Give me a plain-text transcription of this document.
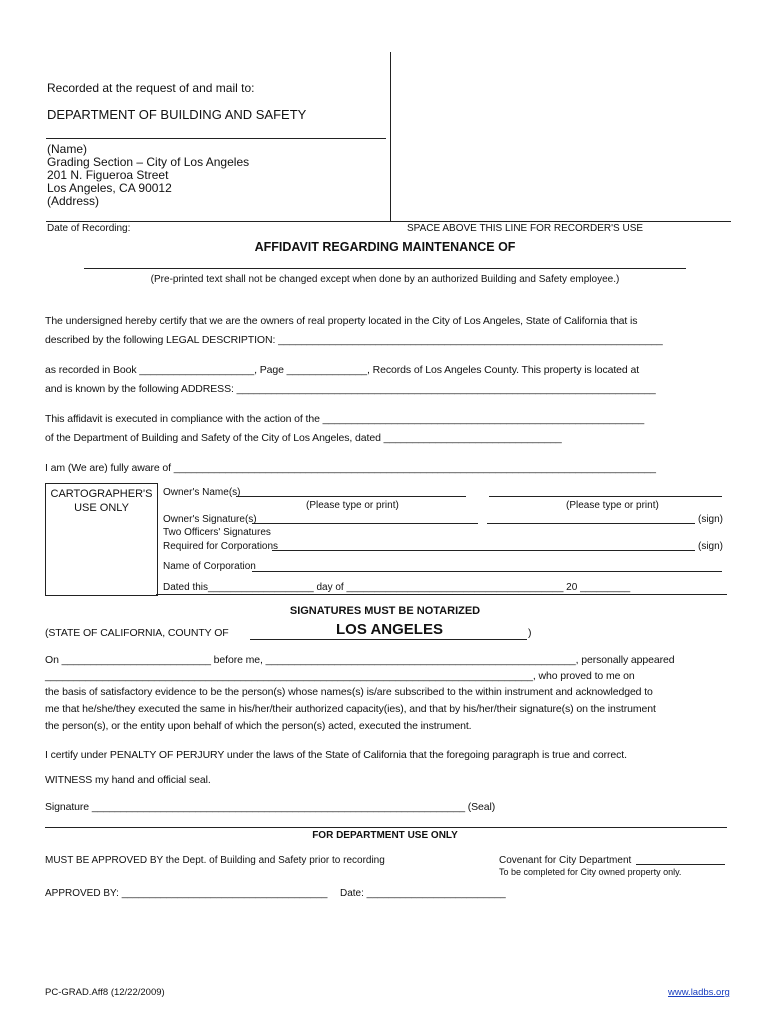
Recorded at the request of and mail to:
DEPARTMENT OF BUILDING AND SAFETY
(Name)
Grading Section – City of Los Angeles
201 N. Figueroa Street
Los Angeles, CA 90012
(Address)
Date of Recording:	SPACE ABOVE THIS LINE FOR RECORDER'S USE
AFFIDAVIT REGARDING MAINTENANCE OF
(Pre-printed text shall not be changed except when done by an authorized Building and Safety employee.)
The undersigned hereby certify that we are the owners of real property located in the City of Los Angeles, State of California that is
described by the following LEGAL DESCRIPTION: ___________________________________________________________________
as recorded in Book ____________________, Page ______________, Records of Los Angeles County. This property is located at
and is known by the following ADDRESS: _________________________________________________________________________
This affidavit is executed in compliance with the action of the ________________________________________________________
of the Department of Building and Safety of the City of Los Angeles, dated _______________________________
I am (We are) fully aware of ____________________________________________________________________________________
CARTOGRAPHER'S
USE ONLY
Owner's Name(s)
(Please type or print)	(Please type or print)
Owner's Signature(s)	(sign)
Two Officers' Signatures
Required for Corporations	(sign)
Name of Corporation
Dated this___________________ day of _______________________________________ 20 _________
SIGNATURES MUST BE NOTARIZED
(STATE OF CALIFORNIA, COUNTY OF	LOS ANGELES	)
On __________________________ before me, ______________________________________________________, personally appeared
_____________________________________________________________________________________, who proved to me on
the basis of satisfactory evidence to be the person(s) whose names(s) is/are subscribed to the within instrument and acknowledged to
me that he/she/they executed the same in his/her/their authorized capacity(ies), and that by his/her/their signature(s) on the instrument
the person(s), or the entity upon behalf of which the person(s) acted, executed the instrument.
I certify under PENALTY OF PERJURY under the laws of the State of California that the foregoing paragraph is true and correct.
WITNESS my hand and official seal.
Signature _________________________________________________________________ (Seal)
FOR DEPARTMENT USE ONLY
MUST BE APPROVED BY the Dept. of Building and Safety prior to recording	Covenant for City Department
To be completed for City owned property only.
APPROVED BY: _____________________________________ Date: _________________________
PC-GRAD.Aff8 (12/22/2009)	www.ladbs.org
